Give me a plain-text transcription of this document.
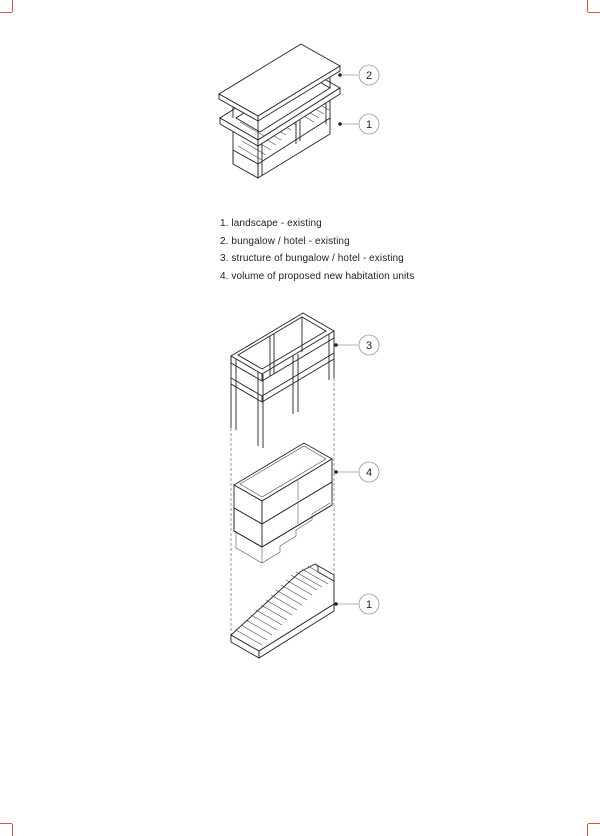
2
1
3
4
1
1. landscape - existing
2. bungalow / hotel - existing
3. structure of bungalow / hotel - existing
4. volume of proposed new habitation units
